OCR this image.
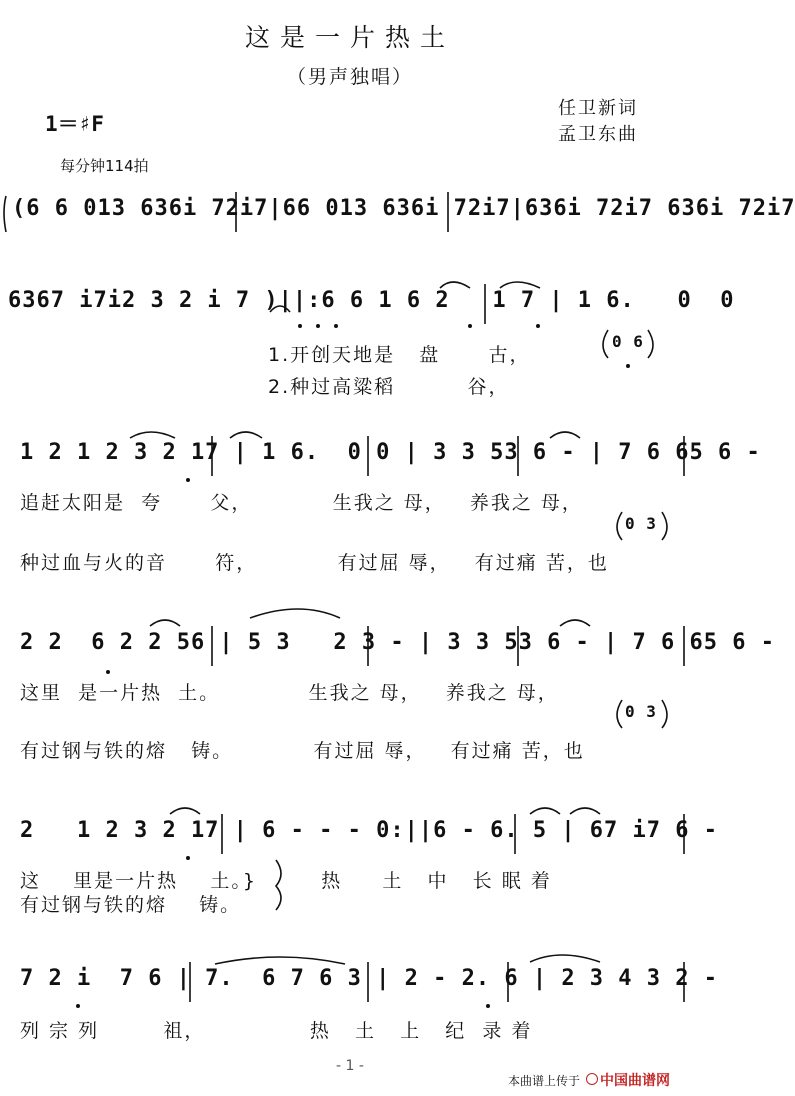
这是一片热土
（男声独唱）
任卫新词
孟卫东曲
1＝♯F
每分钟114拍
(6 6 013 636i 72i7|66 013 636i 72i7|636i 72i7 636i 72i7
6367 i7i2 3 2 i 7 )||:6 6 1 6 2   1 7 | 1 6.   0  0
1.开创天地是   盘      古，
2.种过高粱稻         谷，
0 6
1 2 1 2 3 2 17 | 1 6.  0 0 | 3 3 53 6 - | 7 6 65 6 -
追赶太阳是  夸      父，          生我之 母，   养我之 母，
种过血与火的音      符，          有过屈 辱，   有过痛 苦，也
0 3
2 2  6 2 2 56 | 5 3   2 3 - | 3 3 53 6 - | 7 6 65 6 -
这里  是一片热  土。           生我之 母，   养我之 母，
有过钢与铁的熔   铸。          有过屈 辱，   有过痛 苦，也
0 3
2   1 2 3 2 17 | 6 - - - 0:||6 - 6. 5 | 67 i7 6 -
这    里是一片热    土。}        热     土   中   长 眠 着
有过钢与铁的熔    铸。
7 2 i  7 6 | 7.  6 7 6 3 | 2 - 2. 6 | 2 3 4 3 2 -
列 宗 列        祖，             热   土   上   纪  录 着
- 1 -
本曲谱上传于 中国曲谱网
